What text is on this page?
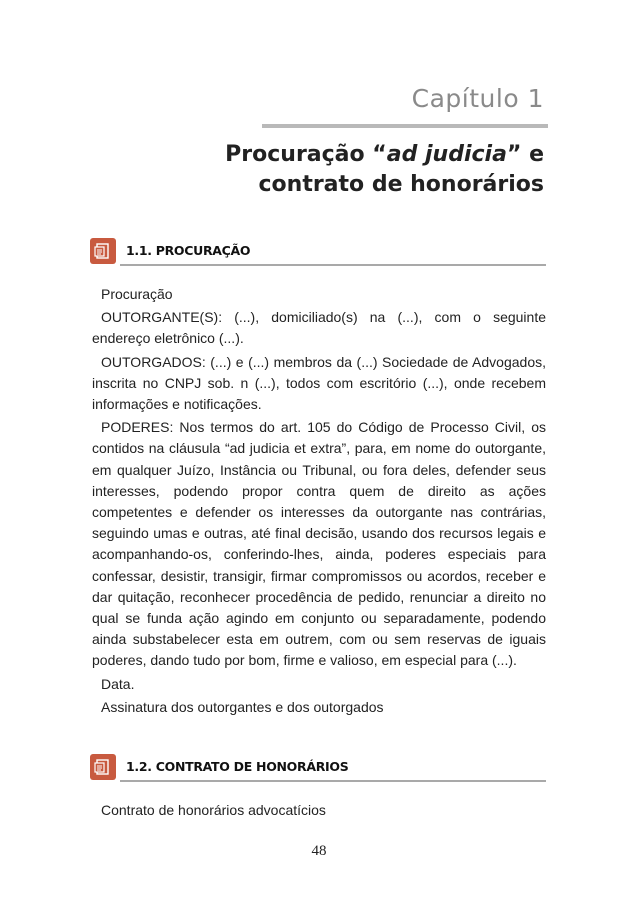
Capítulo 1
Procuração “ad judicia” e contrato de honorários
1.1. PROCURAÇÃO

Procuração

OUTORGANTE(S): (...), domiciliado(s) na (...), com o seguinte endereço eletrônico (...).

OUTORGADOS: (...) e (...) membros da (...) Sociedade de Advogados, inscrita no CNPJ sob. n (...), todos com escritório (...), onde recebem informações e notificações.

PODERES: Nos termos do art. 105 do Código de Processo Civil, os contidos na cláusula “ad judicia et extra”, para, em nome do outorgante, em qualquer Juízo, Instância ou Tribunal, ou fora deles, defender seus interesses, podendo propor contra quem de direito as ações competentes e defender os interesses da outorgante nas contrárias, seguindo umas e outras, até final decisão, usando dos recursos legais e acompanhando-os, conferindo-lhes, ainda, poderes especiais para confessar, desistir, transigir, firmar compromissos ou acordos, receber e dar quitação, reconhecer procedência de pedido, renunciar a direito no qual se funda ação agindo em conjunto ou separadamente, podendo ainda substabelecer esta em outrem, com ou sem reservas de iguais poderes, dando tudo por bom, firme e valioso, em especial para (...).

Data.

Assinatura dos outorgantes e dos outorgados

1.2. CONTRATO DE HONORÁRIOS

Contrato de honorários advocatícios

48
